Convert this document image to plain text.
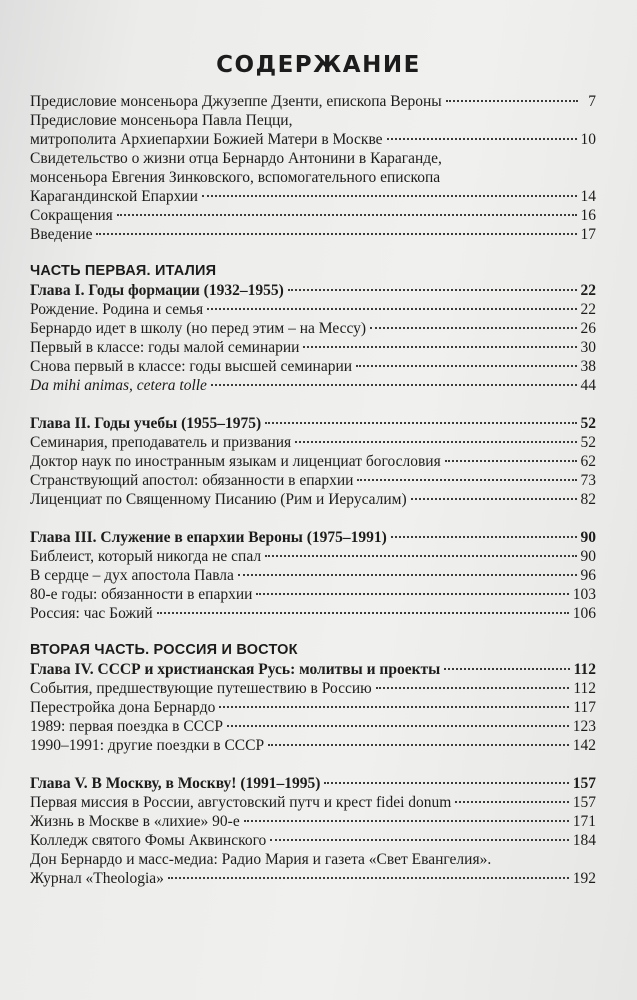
СОДЕРЖАНИЕ
Предисловие монсеньора Джузеппе Дзенти, епископа Вероны	7
Предисловие монсеньора Павла Пецци,
митрополита Архиепархии Божией Матери в Москве	10
Свидетельство о жизни отца Бернардо Антонини в Караганде,
монсеньора Евгения Зинковского, вспомогательного епископа
Карагандинской Епархии	14
Сокращения	16
Введение	17
ЧАСТЬ ПЕРВАЯ. ИТАЛИЯ
Глава I. Годы формации (1932–1955)	22
Рождение. Родина и семья	22
Бернардо идет в школу (но перед этим – на Мессу)	26
Первый в классе: годы малой семинарии	30
Снова первый в классе: годы высшей семинарии	38
Da mihi animas, cetera tolle	44
Глава II. Годы учебы (1955–1975)	52
Семинария, преподаватель и призвания	52
Доктор наук по иностранным языкам и лиценциат богословия	62
Странствующий апостол: обязанности в епархии	73
Лиценциат по Священному Писанию (Рим и Иерусалим)	82
Глава III. Служение в епархии Вероны (1975–1991)	90
Библеист, который никогда не спал	90
В сердце – дух апостола Павла	96
80-е годы: обязанности в епархии	103
Россия: час Божий	106
ВТОРАЯ ЧАСТЬ. РОССИЯ И ВОСТОК
Глава IV. СССР и христианская Русь: молитвы и проекты	112
События, предшествующие путешествию в Россию	112
Перестройка дона Бернардо	117
1989: первая поездка в СССР	123
1990–1991: другие поездки в СССР	142
Глава V. В Москву, в Москву! (1991–1995)	157
Первая миссия в России, августовский путч и крест fidei donum	157
Жизнь в Москве в «лихие» 90-е	171
Колледж святого Фомы Аквинского	184
Дон Бернардо и масс-медиа: Радио Мария и газета «Свет Евангелия».
Журнал «Theologia»	192
